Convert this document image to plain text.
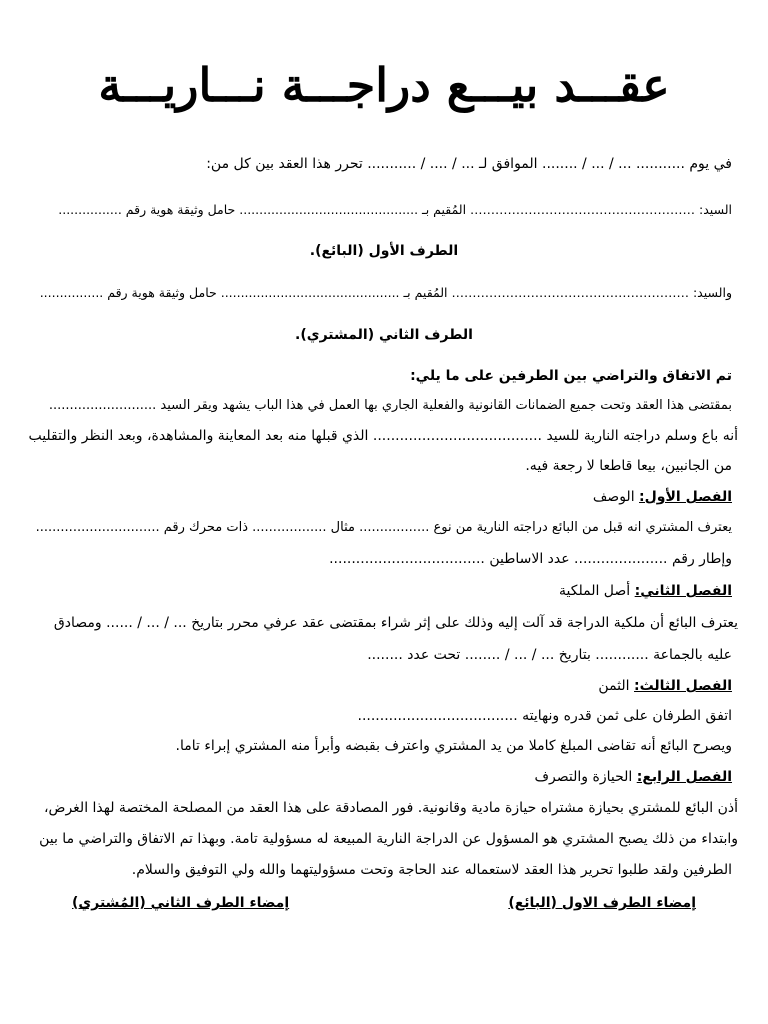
عقـــد بيـــع دراجـــة نـــاريـــة
في يوم ........... ... / ... / ........ الموافق لـ ... / .... / ........... تحرر هذا العقد بين كل من:
السيد: ……………………………………………… المُقيم بـ ............................................. حامل وثيقة هوية رقم ................
الطرف الأول (البائع).
والسيد: ………………………………………………… المُقيم بـ ............................................. حامل وثيقة هوية رقم ................
الطرف الثاني (المشتري).
تم الاتفاق والتراضي بين الطرفين على ما يلي:
بمقتضى هذا العقد وتحت جميع الضمانات القانونية والفعلية الجاري بها العمل في هذا الباب يشهد ويقر السيد ..........................
أنه باع وسلم دراجته النارية للسيد ...................................... الذي قبلها منه بعد المعاينة والمشاهدة، وبعد النظر والتقليب
من الجانبين، بيعا قاطعا لا رجعة فيه.
الفصل الأول: الوصف
يعترف المشتري انه قبل من البائع دراجته النارية من نوع ................. مثال .................. ذات محرك رقم ..............................
وإطار رقم ..................... عدد الاساطين ...................................
الفصل الثاني: أصل الملكية
يعترف البائع أن ملكية الدراجة قد آلت إليه وذلك على إثر شراء بمقتضى عقد عرفي محرر بتاريخ ... / ... / ...... ومصادق
عليه بالجماعة ............ بتاريخ ... / ... / ........ تحت عدد ........
الفصل الثالث: الثمن
اتفق الطرفان على ثمن قدره ونهايته ....................................
ويصرح البائع أنه تقاضى المبلغ كاملا من يد المشتري واعترف بقبضه وأبرأ منه المشتري إبراء تاما.
الفصل الرابع: الحيازة والتصرف
أذن البائع للمشتري بحيازة مشتراه حيازة مادية وقانونية. فور المصادقة على هذا العقد من المصلحة المختصة لهذا الغرض،
وابتداء من ذلك يصبح المشتري هو المسؤول عن الدراجة النارية المبيعة له مسؤولية تامة. وبهذا تم الاتفاق والتراضي ما بين
الطرفين ولقد طلبوا تحرير هذا العقد لاستعماله عند الحاجة وتحت مسؤوليتهما والله ولي التوفيق والسلام.
إمضاء الطرف الاول (البائع)
إمضاء الطرف الثاني (المُشتري)
